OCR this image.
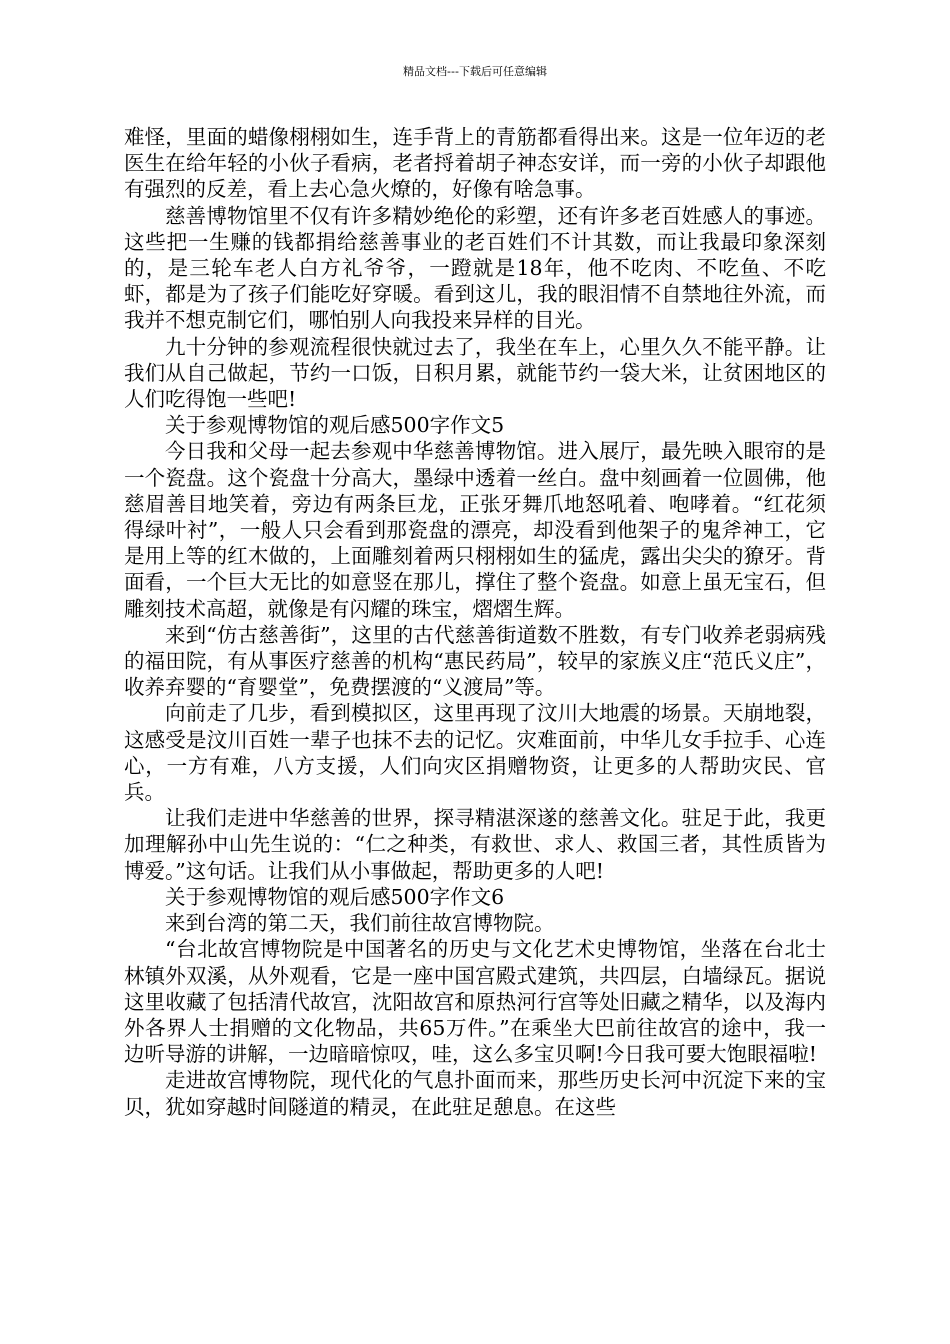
精品文档---下载后可任意编辑

难怪，里面的蜡像栩栩如生，连手背上的青筋都看得出来。这是一位年迈的老医生在给年轻的小伙子看病，老者捋着胡子神态安详，而一旁的小伙子却跟他有强烈的反差，看上去心急火燎的，好像有啥急事。

慈善博物馆里不仅有许多精妙绝伦的彩塑，还有许多老百姓感人的事迹。这些把一生赚的钱都捐给慈善事业的老百姓们不计其数，而让我最印象深刻的，是三轮车老人白方礼爷爷，一蹬就是18年，他不吃肉、不吃鱼、不吃虾，都是为了孩子们能吃好穿暖。看到这儿，我的眼泪情不自禁地往外流，而我并不想克制它们，哪怕别人向我投来异样的目光。

九十分钟的参观流程很快就过去了，我坐在车上，心里久久不能平静。让我们从自己做起，节约一口饭，日积月累，就能节约一袋大米，让贫困地区的人们吃得饱一些吧!

关于参观博物馆的观后感500字作文5

今日我和父母一起去参观中华慈善博物馆。进入展厅，最先映入眼帘的是一个瓷盘。这个瓷盘十分高大，墨绿中透着一丝白。盘中刻画着一位圆佛，他慈眉善目地笑着，旁边有两条巨龙，正张牙舞爪地怒吼着、咆哮着。“红花须得绿叶衬”，一般人只会看到那瓷盘的漂亮，却没看到他架子的鬼斧神工，它是用上等的红木做的，上面雕刻着两只栩栩如生的猛虎，露出尖尖的獠牙。背面看，一个巨大无比的如意竖在那儿，撑住了整个瓷盘。如意上虽无宝石，但雕刻技术高超，就像是有闪耀的珠宝，熠熠生辉。

来到“仿古慈善街”，这里的古代慈善街道数不胜数，有专门收养老弱病残的福田院，有从事医疗慈善的机构“惠民药局”，较早的家族义庄“范氏义庄”，收养弃婴的“育婴堂”，免费摆渡的“义渡局”等。

向前走了几步，看到模拟区，这里再现了汶川大地震的场景。天崩地裂，这感受是汶川百姓一辈子也抹不去的记忆。灾难面前，中华儿女手拉手、心连心，一方有难，八方支援，人们向灾区捐赠物资，让更多的人帮助灾民、官兵。

让我们走进中华慈善的世界，探寻精湛深遂的慈善文化。驻足于此，我更加理解孙中山先生说的：“仁之种类，有救世、求人、救国三者，其性质皆为博爱。”这句话。让我们从小事做起，帮助更多的人吧!

关于参观博物馆的观后感500字作文6

来到台湾的第二天，我们前往故宫博物院。

“台北故宫博物院是中国著名的历史与文化艺术史博物馆，坐落在台北士林镇外双溪，从外观看，它是一座中国宫殿式建筑，共四层，白墙绿瓦。据说这里收藏了包括清代故宫，沈阳故宫和原热河行宫等处旧藏之精华，以及海内外各界人士捐赠的文化物品，共65万件。”在乘坐大巴前往故宫的途中，我一边听导游的讲解，一边暗暗惊叹，哇，这么多宝贝啊!今日我可要大饱眼福啦!

走进故宫博物院，现代化的气息扑面而来，那些历史长河中沉淀下来的宝贝，犹如穿越时间隧道的精灵，在此驻足憩息。在这些
